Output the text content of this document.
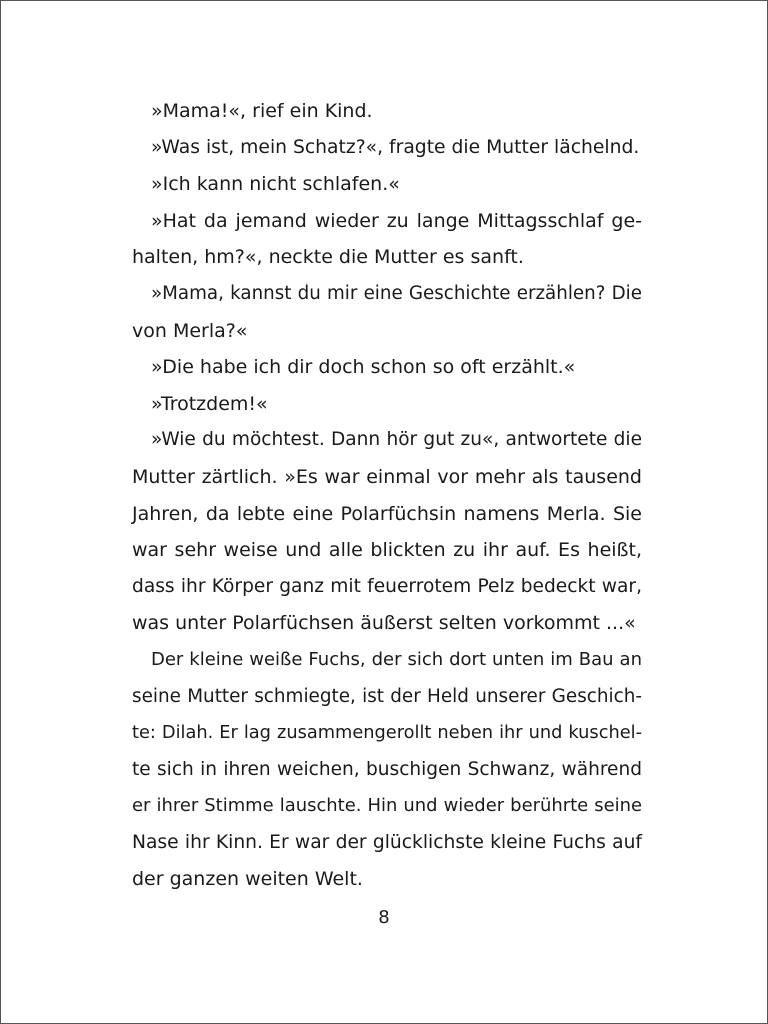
»Mama!«, rief ein Kind.
»Was ist, mein Schatz?«, fragte die Mutter lächelnd.
»Ich kann nicht schlafen.«
»Hat da jemand wieder zu lange Mittagsschlaf ge-
halten, hm?«, neckte die Mutter es sanft.
»Mama, kannst du mir eine Geschichte erzählen? Die
von Merla?«
»Die habe ich dir doch schon so oft erzählt.«
»Trotzdem!«
»Wie du möchtest. Dann hör gut zu«, antwortete die
Mutter zärtlich. »Es war einmal vor mehr als tausend
Jahren, da lebte eine Polarfüchsin namens Merla. Sie
war sehr weise und alle blickten zu ihr auf. Es heißt,
dass ihr Körper ganz mit feuerrotem Pelz bedeckt war,
was unter Polarfüchsen äußerst selten vorkommt ...«
Der kleine weiße Fuchs, der sich dort unten im Bau an
seine Mutter schmiegte, ist der Held unserer Geschich-
te: Dilah. Er lag zusammengerollt neben ihr und kuschel-
te sich in ihren weichen, buschigen Schwanz, während
er ihrer Stimme lauschte. Hin und wieder berührte seine
Nase ihr Kinn. Er war der glücklichste kleine Fuchs auf
der ganzen weiten Welt.
8
